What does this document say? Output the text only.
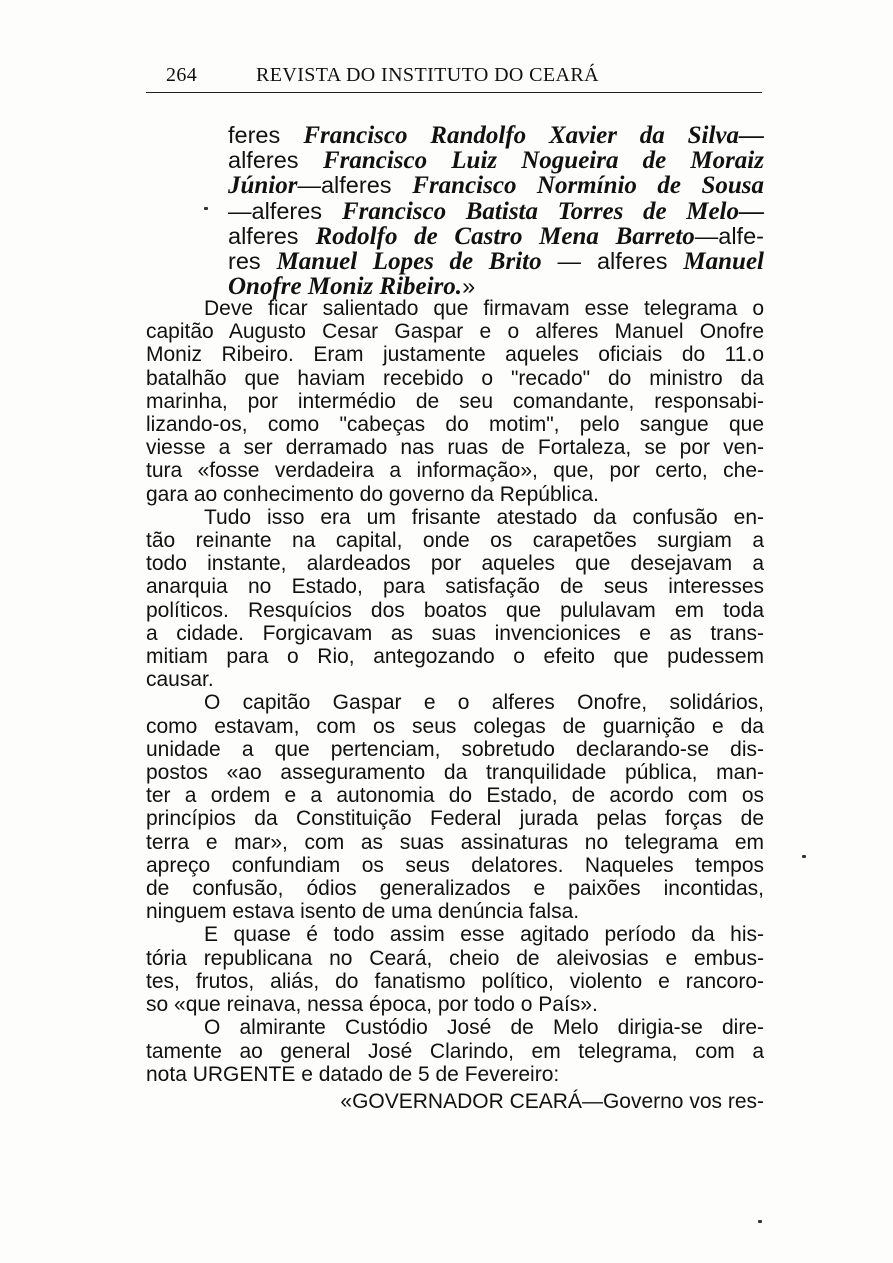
264	REVISTA DO INSTITUTO DO CEARÁ
feres Francisco Randolfo Xavier da Silva—
alferes Francisco Luiz Nogueira de Moraiz
Júnior—alferes Francisco Normínio de Sousa
—alferes Francisco Batista Torres de Melo—
alferes Rodolfo de Castro Mena Barreto—alfe-
res Manuel Lopes de Brito — alferes Manuel
Onofre Moniz Ribeiro.»
Deve ficar salientado que firmavam esse telegrama o
capitão Augusto Cesar Gaspar e o alferes Manuel Onofre
Moniz Ribeiro. Eram justamente aqueles oficiais do 11.o
batalhão que haviam recebido o "recado" do ministro da
marinha, por intermédio de seu comandante, responsabi-
lizando-os, como "cabeças do motim", pelo sangue que
viesse a ser derramado nas ruas de Fortaleza, se por ven-
tura «fosse verdadeira a informação», que, por certo, che-
gara ao conhecimento do governo da República.
Tudo isso era um frisante atestado da confusão en-
tão reinante na capital, onde os carapetões surgiam a
todo instante, alardeados por aqueles que desejavam a
anarquia no Estado, para satisfação de seus interesses
políticos. Resquícios dos boatos que pululavam em toda
a cidade. Forgicavam as suas invencionices e as trans-
mitiam para o Rio, antegozando o efeito que pudessem
causar.
O capitão Gaspar e o alferes Onofre, solidários,
como estavam, com os seus colegas de guarnição e da
unidade a que pertenciam, sobretudo declarando-se dis-
postos «ao asseguramento da tranquilidade pública, man-
ter a ordem e a autonomia do Estado, de acordo com os
princípios da Constituição Federal jurada pelas forças de
terra e mar», com as suas assinaturas no telegrama em
apreço confundiam os seus delatores. Naqueles tempos
de confusão, ódios generalizados e paixões incontidas,
ninguem estava isento de uma denúncia falsa.
E quase é todo assim esse agitado período da his-
tória republicana no Ceará, cheio de aleivosias e embus-
tes, frutos, aliás, do fanatismo político, violento e rancoro-
so «que reinava, nessa época, por todo o País».
O almirante Custódio José de Melo dirigia-se dire-
tamente ao general José Clarindo, em telegrama, com a
nota URGENTE e datado de 5 de Fevereiro:
«GOVERNADOR CEARÁ—Governo vos res-
